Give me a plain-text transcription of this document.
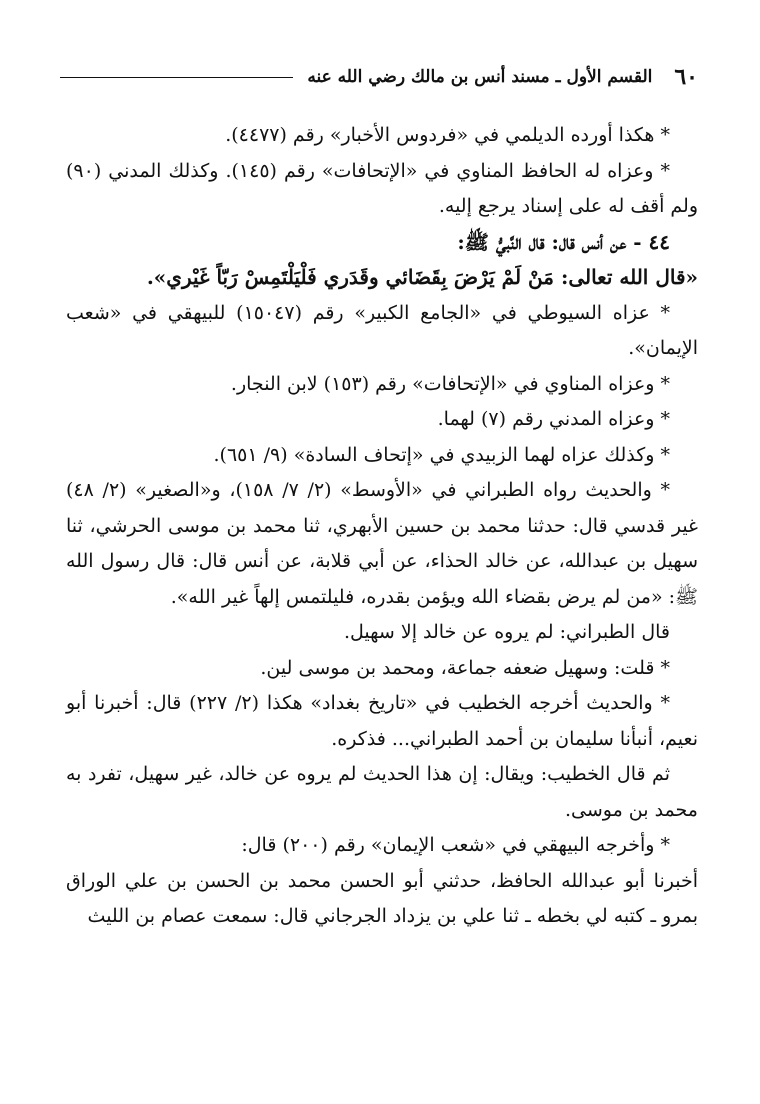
٦٠
القسم الأول ـ مسند أنس بن مالك رضي الله عنه

* هكذا أورده الديلمي في «فردوس الأخبار» رقم (٤٤٧٧).

* وعزاه له الحافظ المناوي في «الإتحافات» رقم (١٤٥). وكذلك المدني (٩٠) ولم أقف له على إسناد يرجع إليه.

٤٤ - عن أنس قال: قال النَّبيُّ ﷺ:

«قال الله تعالى: مَنْ لَمْ يَرْضَ بِقَضَائي وقَدَري فَلْيَلْتَمِسْ رَبّاً غَيْري».

* عزاه السيوطي في «الجامع الكبير» رقم (١٥٠٤٧) للبيهقي في «شعب الإيمان».

* وعزاه المناوي في «الإتحافات» رقم (١٥٣) لابن النجار.

* وعزاه المدني رقم (٧) لهما.

* وكذلك عزاه لهما الزبيدي في «إتحاف السادة» (٩/ ٦٥١).

* والحديث رواه الطبراني في «الأوسط» (٢/ ٧/ ١٥٨)، و«الصغير» (٢/ ٤٨) غير قدسي قال: حدثنا محمد بن حسين الأبهري، ثنا محمد بن موسى الحرشي، ثنا سهيل بن عبدالله، عن خالد الحذاء، عن أبي قلابة، عن أنس قال: قال رسول الله ﷺ: «من لم يرض بقضاء الله ويؤمن بقدره، فليلتمس إلهاً غير الله».

قال الطبراني: لم يروه عن خالد إلا سهيل.

* قلت: وسهيل ضعفه جماعة، ومحمد بن موسى لين.

* والحديث أخرجه الخطيب في «تاريخ بغداد» هكذا (٢/ ٢٢٧) قال: أخبرنا أبو نعيم، أنبأنا سليمان بن أحمد الطبراني... فذكره.

ثم قال الخطيب: ويقال: إن هذا الحديث لم يروه عن خالد، غير سهيل، تفرد به محمد بن موسى.

* وأخرجه البيهقي في «شعب الإيمان» رقم (٢٠٠) قال:

أخبرنا أبو عبدالله الحافظ، حدثني أبو الحسن محمد بن الحسن بن علي الوراق بمرو ـ كتبه لي بخطه ـ ثنا علي بن يزداد الجرجاني قال: سمعت عصام بن الليث
